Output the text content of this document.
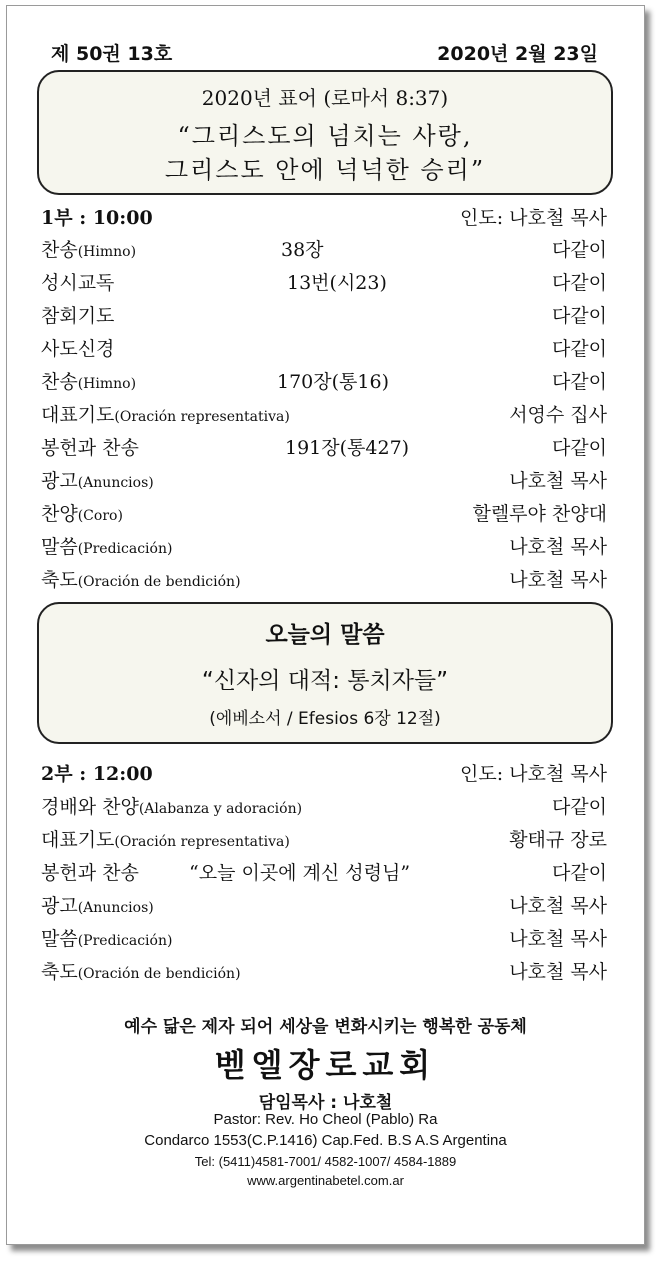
제 50권 13호	2020년 2월 23일
2020년 표어 (로마서 8:37)
“그리스도의 넘치는 사랑,
그리스도 안에 넉넉한 승리”
1부 : 10:00	인도: 나호철 목사
찬송(Himno)	38장	다같이
성시교독	13번(시23)	다같이
참회기도	다같이
사도신경	다같이
찬송(Himno)	170장(통16)	다같이
대표기도(Oración representativa)	서영수 집사
봉헌과 찬송	191장(통427)	다같이
광고(Anuncios)	나호철 목사
찬양(Coro)	할렐루야 찬양대
말씀(Predicación)	나호철 목사
축도(Oración de bendición)	나호철 목사
오늘의 말씀
“신자의 대적: 통치자들”
(에베소서 / Efesios 6장 12절)
2부 : 12:00	인도: 나호철 목사
경배와 찬양(Alabanza y adoración)	다같이
대표기도(Oración representativa)	황태규 장로
봉헌과 찬송	“오늘 이곳에 계신 성령님”	다같이
광고(Anuncios)	나호철 목사
말씀(Predicación)	나호철 목사
축도(Oración de bendición)	나호철 목사
예수 닮은 제자 되어 세상을 변화시키는 행복한 공동체
벧엘장로교회
담임목사 : 나호철
Pastor: Rev. Ho Cheol (Pablo) Ra
Condarco 1553(C.P.1416) Cap.Fed. B.S A.S Argentina
Tel: (5411)4581-7001/ 4582-1007/ 4584-1889
www.argentinabetel.com.ar
